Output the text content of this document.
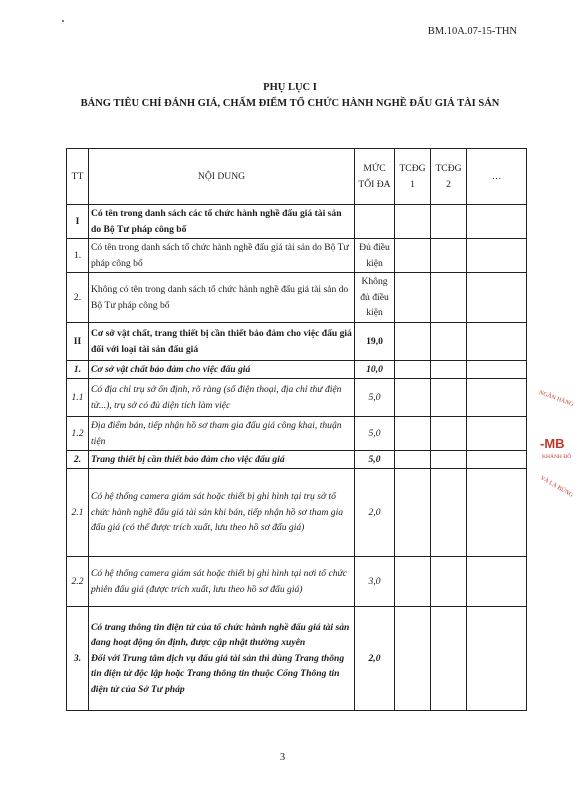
BM.10A.07-15-THN
PHỤ LỤC I
BẢNG TIÊU CHÍ ĐÁNH GIÁ, CHẤM ĐIỂM TỔ CHỨC HÀNH NGHỀ ĐẤU GIÁ TÀI SẢN
TT	NỘI DUNG	MỨC TỐI ĐA	TCĐG 1	TCĐG 2	…
I	Có tên trong danh sách các tổ chức hành nghề đấu giá tài sản do Bộ Tư pháp công bố				
1.	Có tên trong danh sách tổ chức hành nghề đấu giá tài sản do Bộ Tư pháp công bố	Đủ điều kiện			
2.	Không có tên trong danh sách tổ chức hành nghề đấu giá tài sản do Bộ Tư pháp công bố	Không đủ điều kiện			
II	Cơ sở vật chất, trang thiết bị cần thiết bảo đảm cho việc đấu giá đối với loại tài sản đấu giá	19,0			
1.	Cơ sở vật chất bảo đảm cho việc đấu giá	10,0			
1.1	Có địa chỉ trụ sở ổn định, rõ ràng (số điện thoại, địa chỉ thư điện tử...), trụ sở có đủ diện tích làm việc	5,0			
1.2	Địa điểm bán, tiếp nhận hồ sơ tham gia đấu giá công khai, thuận tiện	5,0			
2.	Trang thiết bị cần thiết bảo đảm cho việc đấu giá	5,0			
2.1	Có hệ thống camera giám sát hoặc thiết bị ghi hình tại trụ sở tổ chức hành nghề đấu giá tài sản khi bán, tiếp nhận hồ sơ tham gia đấu giá (có thể được trích xuất, lưu theo hồ sơ đấu giá)	2,0			
2.2	Có hệ thống camera giám sát hoặc thiết bị ghi hình tại nơi tổ chức phiên đấu giá (được trích xuất, lưu theo hồ sơ đấu giá)	3,0			
3.	Có trang thông tin điện tử của tổ chức hành nghề đấu giá tài sản đang hoạt động ổn định, được cập nhật thường xuyên
Đối với Trung tâm dịch vụ đấu giá tài sản thì dùng Trang thông tin điện tử độc lập hoặc Trang thông tin thuộc Cổng Thông tin điện tử của Sở Tư pháp	2,0			
NGÂN HÀNG
-MB
KHÁNH ĐÔ
VÀ LÀ BÚNG
3
